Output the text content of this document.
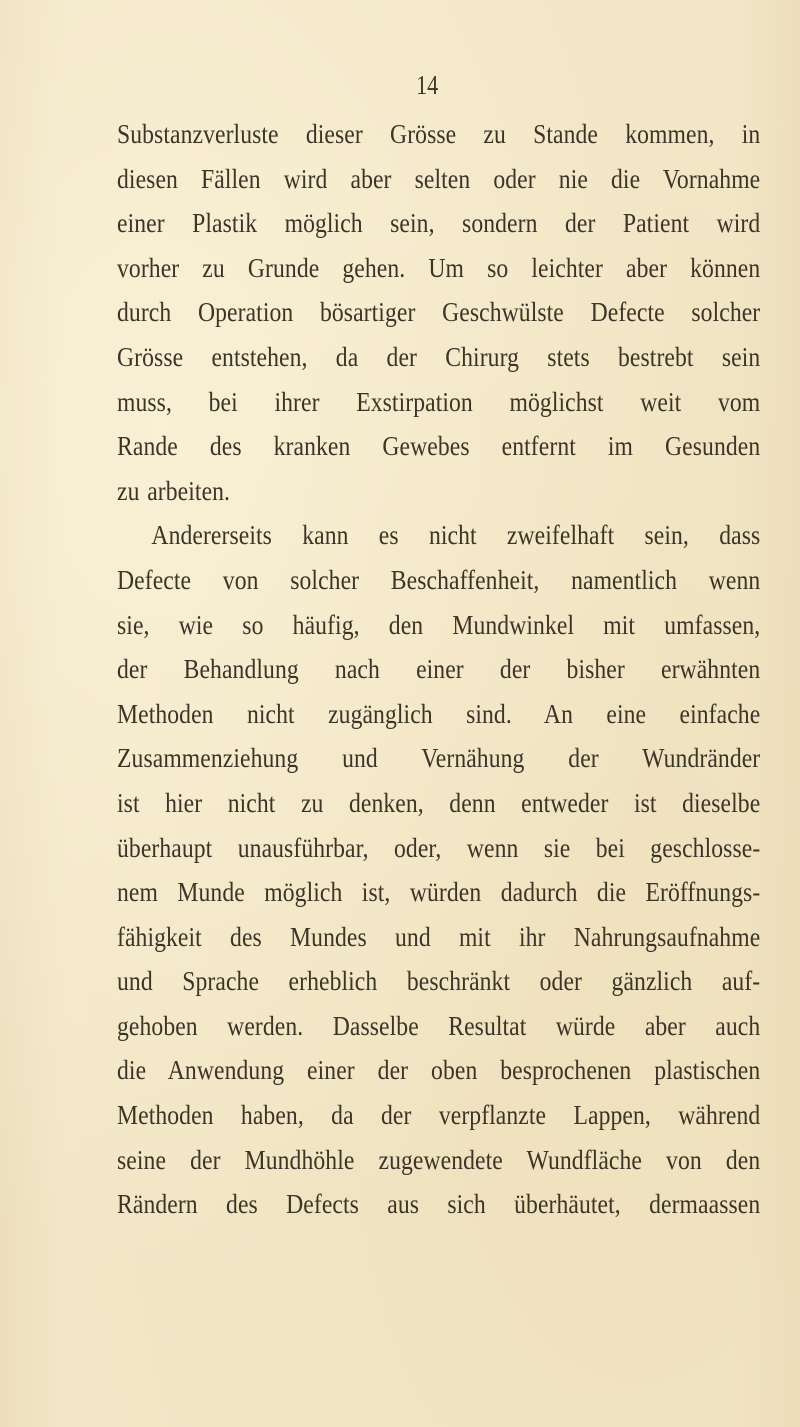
14
Substanzverluste dieser Grösse zu Stande kommen, in
diesen Fällen wird aber selten oder nie die Vornahme
einer Plastik möglich sein, sondern der Patient wird
vorher zu Grunde gehen. Um so leichter aber können
durch Operation bösartiger Geschwülste Defecte solcher
Grösse entstehen, da der Chirurg stets bestrebt sein
muss, bei ihrer Exstirpation möglichst weit vom
Rande des kranken Gewebes entfernt im Gesunden
zu arbeiten.
Andererseits kann es nicht zweifelhaft sein, dass
Defecte von solcher Beschaffenheit, namentlich wenn
sie, wie so häufig, den Mundwinkel mit umfassen,
der Behandlung nach einer der bisher erwähnten
Methoden nicht zugänglich sind. An eine einfache
Zusammenziehung und Vernähung der Wundränder
ist hier nicht zu denken, denn entweder ist dieselbe
überhaupt unausführbar, oder, wenn sie bei geschlosse-
nem Munde möglich ist, würden dadurch die Eröffnungs-
fähigkeit des Mundes und mit ihr Nahrungsaufnahme
und Sprache erheblich beschränkt oder gänzlich auf-
gehoben werden. Dasselbe Resultat würde aber auch
die Anwendung einer der oben besprochenen plastischen
Methoden haben, da der verpflanzte Lappen, während
seine der Mundhöhle zugewendete Wundfläche von den
Rändern des Defects aus sich überhäutet, dermaassen
